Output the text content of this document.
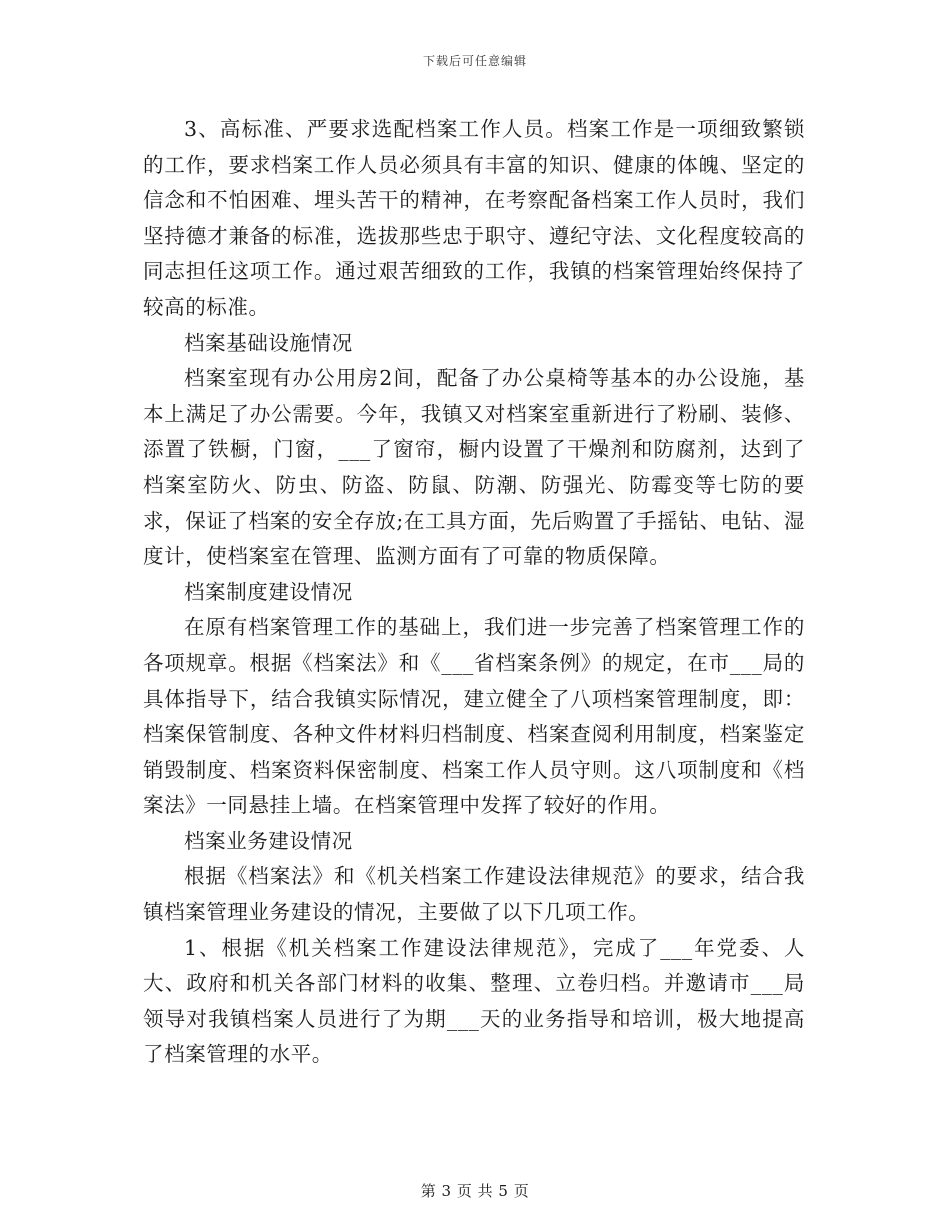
下载后可任意编辑

3、高标准、严要求选配档案工作人员。档案工作是一项细致繁锁的工作，要求档案工作人员必须具有丰富的知识、健康的体魄、坚定的信念和不怕困难、埋头苦干的精神，在考察配备档案工作人员时，我们坚持德才兼备的标准，选拔那些忠于职守、遵纪守法、文化程度较高的同志担任这项工作。通过艰苦细致的工作，我镇的档案管理始终保持了较高的标准。

档案基础设施情况

档案室现有办公用房2间，配备了办公桌椅等基本的办公设施，基本上满足了办公需要。今年，我镇又对档案室重新进行了粉刷、装修、添置了铁橱，门窗，___了窗帘，橱内设置了干燥剂和防腐剂，达到了档案室防火、防虫、防盗、防鼠、防潮、防强光、防霉变等七防的要求，保证了档案的安全存放;在工具方面，先后购置了手摇钻、电钻、湿度计，使档案室在管理、监测方面有了可靠的物质保障。

档案制度建设情况

在原有档案管理工作的基础上，我们进一步完善了档案管理工作的各项规章。根据《档案法》和《___省档案条例》的规定，在市___局的具体指导下，结合我镇实际情况，建立健全了八项档案管理制度，即：档案保管制度、各种文件材料归档制度、档案查阅利用制度，档案鉴定销毁制度、档案资料保密制度、档案工作人员守则。这八项制度和《档案法》一同悬挂上墙。在档案管理中发挥了较好的作用。

档案业务建设情况

根据《档案法》和《机关档案工作建设法律规范》的要求，结合我镇档案管理业务建设的情况，主要做了以下几项工作。

1、根据《机关档案工作建设法律规范》，完成了___年党委、人大、政府和机关各部门材料的收集、整理、立卷归档。并邀请市___局领导对我镇档案人员进行了为期___天的业务指导和培训，极大地提高了档案管理的水平。

第 3 页 共 5 页
